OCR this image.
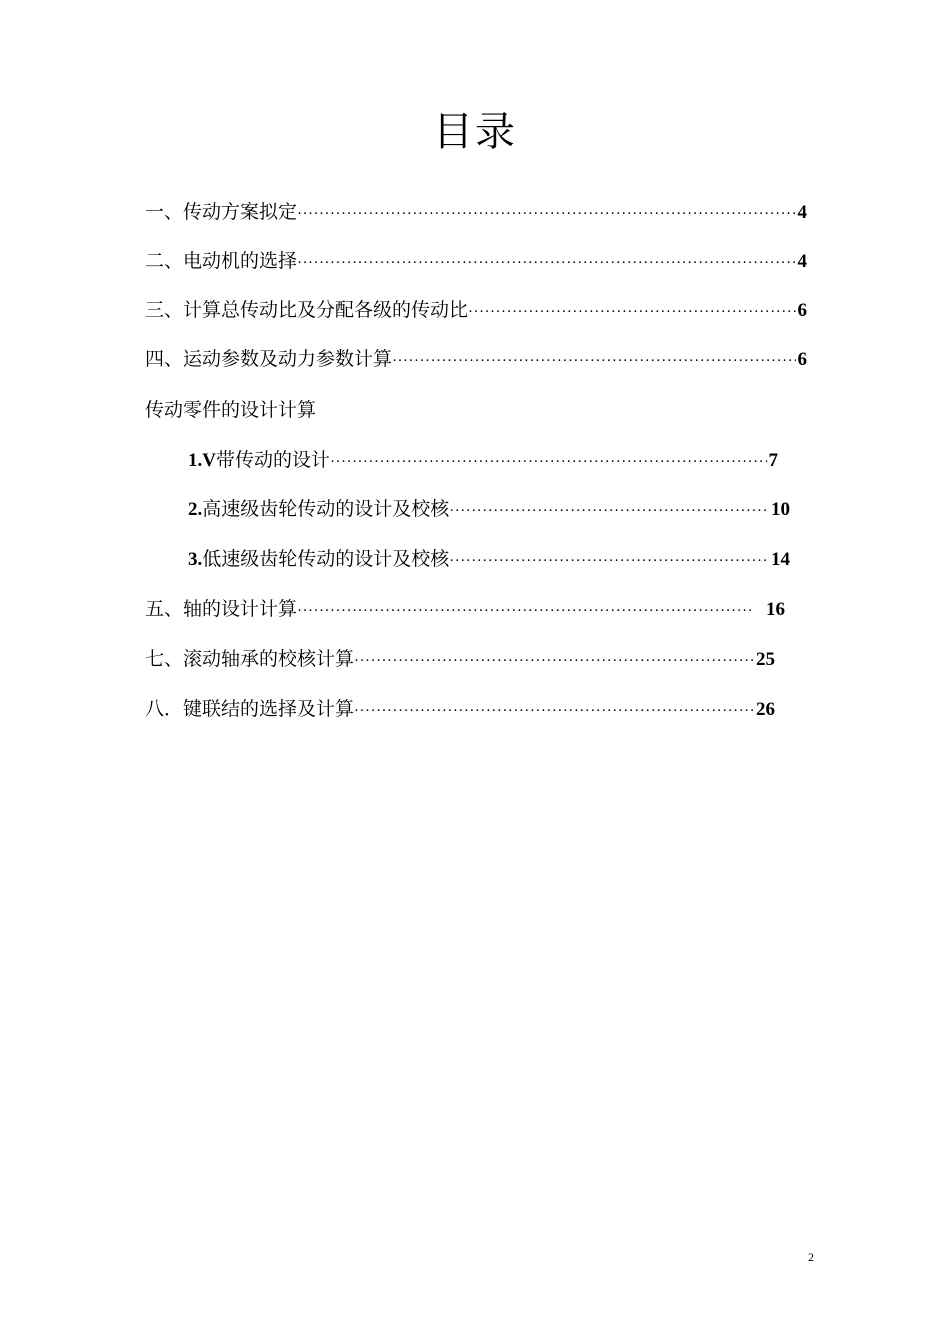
目录
一、传动方案拟定 ·····	4
二、电动机的选择 ·····	4
三、计算总传动比及分配各级的传动比 ·····	6
四、运动参数及动力参数计算 ·····	6
传动零件的设计计算
1.V 带传动的设计 ·····	7
2. 高速级齿轮传动的设计及校核 ·····	10
3. 低速级齿轮传动的设计及校核 ·····	14
五、轴的设计计算 ·····	16
七、滚动轴承的校核计算 ·····	25
八．键联结的选择及计算 ·····	26
2
